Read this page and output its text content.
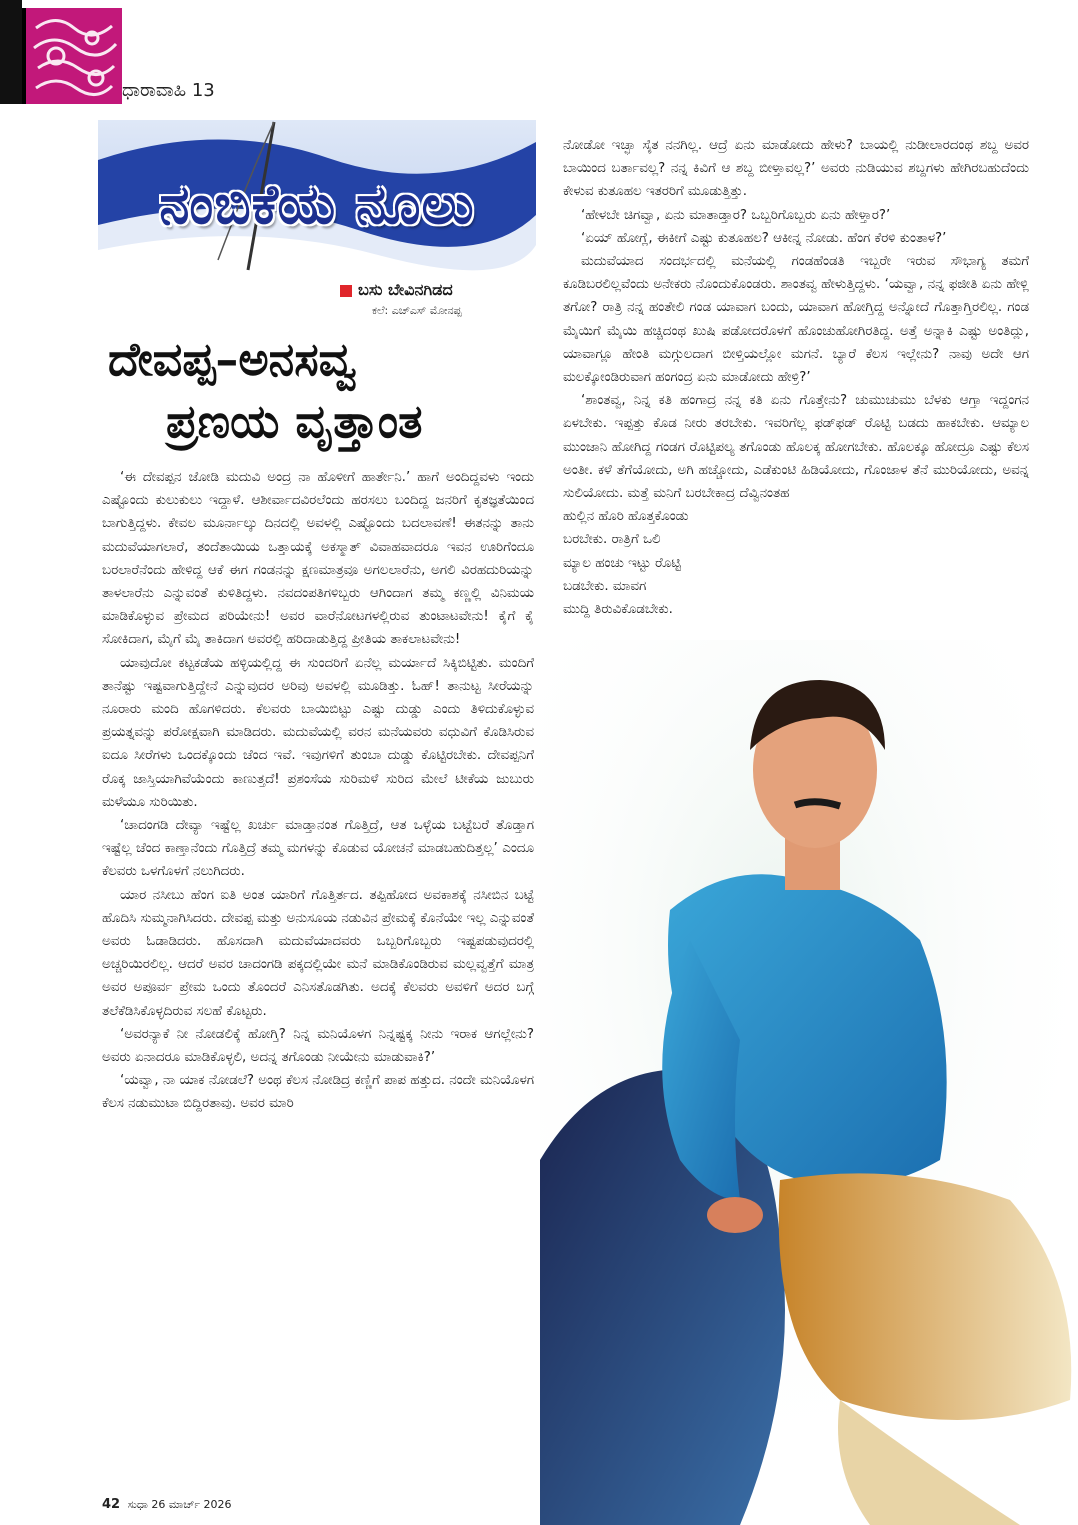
ಧಾರಾವಾಹಿ 13
ನಂಬಿಕೆಯ ನೂಲು
ಬಸು ಬೇವಿನಗಿಡದ
ಕಲೆ: ಎಚ್‌ಎಸ್ ಮೋನಪ್ಪ
ದೇವಪ್ಪ–ಅನಸವ್ವ
ಪ್ರಣಯ ವೃತ್ತಾಂತ

‘ಈ ದೇವಪ್ಪನ ಜೋಡಿ ಮದುವಿ ಅಂದ್ರ ನಾ ಹೊಳೀಗೆ ಹಾರ್ತೇನಿ.’ ಹಾಗೆ ಅಂದಿದ್ದವಳು ಇಂದು ಎಷ್ಟೊಂದು ಕುಲುಕುಲು ಇದ್ದಾಳೆ. ಆಶೀರ್ವಾದವಿರಲೆಂದು ಹರಸಲು ಬಂದಿದ್ದ ಜನರಿಗೆ ಕೃತಜ್ಞತೆಯಿಂದ ಬಾಗುತ್ತಿದ್ದಳು. ಕೇವಲ ಮೂರ್ನಾಲ್ಕು ದಿನದಲ್ಲಿ ಅವಳಲ್ಲಿ ಎಷ್ಟೊಂದು ಬದಲಾವಣೆ! ಈತನನ್ನು ತಾನು ಮದುವೆಯಾಗಲಾರೆ, ತಂದೆತಾಯಿಯ ಒತ್ತಾಯಕ್ಕೆ ಅಕಸ್ಮಾತ್ ವಿವಾಹವಾದರೂ ಇವನ ಊರಿಗೆಂದೂ ಬರಲಾರೆನೆಂದು ಹೇಳಿದ್ದ ಆಕೆ ಈಗ ಗಂಡನನ್ನು ಕ್ಷಣಮಾತ್ರವೂ ಅಗಲಲಾರೆನು, ಅಗಲಿ ವಿರಹದುರಿಯನ್ನು ತಾಳಲಾರೆನು ಎನ್ನುವಂತೆ ಕುಳಿತಿದ್ದಳು. ನವದಂಪತಿಗಳಿಬ್ಬರು ಆಗಿಂದಾಗ ತಮ್ಮ ಕಣ್ಣಲ್ಲಿ ವಿನಿಮಯ ಮಾಡಿಕೊಳ್ಳುವ ಪ್ರೇಮದ ಪರಿಯೇನು! ಅವರ ವಾರೆನೋಟಗಳಲ್ಲಿರುವ ತುಂಟಾಟವೇನು! ಕೈಗೆ ಕೈ ಸೋಕಿದಾಗ, ಮೈಗೆ ಮೈ ತಾಕಿದಾಗ ಅವರಲ್ಲಿ ಹರಿದಾಡುತ್ತಿದ್ದ ಪ್ರೀತಿಯ ತಾಕಲಾಟವೇನು!

ಯಾವುದೋ ಕಟ್ಟಕಡೆಯ ಹಳ್ಳಿಯಲ್ಲಿದ್ದ ಈ ಸುಂದರಿಗೆ ಏನೆಲ್ಲ ಮರ್ಯಾದೆ ಸಿಕ್ಕಿಬಿಟ್ಟಿತು. ಮಂದಿಗೆ ತಾನೆಷ್ಟು ಇಷ್ಟವಾಗುತ್ತಿದ್ದೇನೆ ಎನ್ನುವುದರ ಅರಿವು ಅವಳಲ್ಲಿ ಮೂಡಿತ್ತು. ಓಹ್! ತಾನುಟ್ಟ ಸೀರೆಯನ್ನು ನೂರಾರು ಮಂದಿ ಹೊಗಳಿದರು. ಕೆಲವರು ಬಾಯಿಬಿಟ್ಟು ಎಷ್ಟು ದುಡ್ಡು ಎಂದು ತಿಳಿದುಕೊಳ್ಳುವ ಪ್ರಯತ್ನವನ್ನು ಪರೋಕ್ಷವಾಗಿ ಮಾಡಿದರು. ಮದುವೆಯಲ್ಲಿ ವರನ ಮನೆಯವರು ವಧುವಿಗೆ ಕೊಡಿಸಿರುವ ಐದೂ ಸೀರೆಗಳು ಒಂದಕ್ಕೊಂದು ಚೆಂದ ಇವೆ. ಇವುಗಳಿಗೆ ತುಂಬಾ ದುಡ್ಡು ಕೊಟ್ಟಿರಬೇಕು. ದೇವಪ್ಪನಿಗೆ ರೊಕ್ಕ ಜಾಸ್ತಿಯಾಗಿವೆಯೆಂದು ಕಾಣುತ್ತದೆ! ಪ್ರಶಂಸೆಯ ಸುರಿಮಳೆ ಸುರಿದ ಮೇಲೆ ಟೀಕೆಯ ಜುಬುರು ಮಳೆಯೂ ಸುರಿಯಿತು.

‘ಚಾದಂಗಡಿ ದೇವ್ಯಾ ಇಷ್ಟೆಲ್ಲ ಖರ್ಚು ಮಾಡ್ತಾನಂತ ಗೊತ್ತಿದ್ರೆ, ಆತ ಒಳ್ಳೆಯ ಬಟ್ಟೆಬರೆ ತೊಡ್ತಾಗ ಇಷ್ಟೆಲ್ಲ ಚೆಂದ ಕಾಣ್ತಾನೆಂದು ಗೊತ್ತಿದ್ರೆ ತಮ್ಮ ಮಗಳನ್ನು ಕೊಡುವ ಯೋಚನೆ ಮಾಡಬಹುದಿತ್ತಲ್ಲ’ ಎಂದೂ ಕೆಲವರು ಒಳಗೊಳಗೆ ನಲುಗಿದರು.

ಯಾರ ನಸೀಬು ಹೆಂಗ ಐತಿ ಅಂತ ಯಾರಿಗೆ ಗೊತ್ತಿರ್ತದ. ತಪ್ಪಿಹೋದ ಅವಕಾಶಕ್ಕೆ ನಸೀಬಿನ ಬಟ್ಟೆ ಹೊದಿಸಿ ಸುಮ್ಮನಾಗಿಸಿದರು. ದೇವಪ್ಪ ಮತ್ತು ಅನುಸೂಯ ನಡುವಿನ ಪ್ರೇಮಕ್ಕೆ ಕೊನೆಯೇ ಇಲ್ಲ ಎನ್ನುವಂತೆ ಅವರು ಓಡಾಡಿದರು. ಹೊಸದಾಗಿ ಮದುವೆಯಾದವರು ಒಬ್ಬರಿಗೊಬ್ಬರು ಇಷ್ಟಪಡುವುದರಲ್ಲಿ ಅಚ್ಚರಿಯಿರಲಿಲ್ಲ. ಆದರೆ ಅವರ ಚಾದಂಗಡಿ ಪಕ್ಕದಲ್ಲಿಯೇ ಮನೆ ಮಾಡಿಕೊಂಡಿರುವ ಮಲ್ಲವ್ವತ್ತೆಗೆ ಮಾತ್ರ ಅವರ ಅಪೂರ್ವ ಪ್ರೇಮ ಒಂದು ತೊಂದರೆ ಎನಿಸತೊಡಗಿತು. ಅದಕ್ಕೆ ಕೆಲವರು ಅವಳಿಗೆ ಅದರ ಬಗ್ಗೆ ತಲೆಕೆಡಿಸಿಕೊಳ್ಳದಿರುವ ಸಲಹೆ ಕೊಟ್ಟರು.

‘ಅವರನ್ಯಾಕೆ ನೀ ನೋಡಲಿಕ್ಕೆ ಹೋಗ್ತಿ? ನಿನ್ನ ಮನಿಯೊಳಗ ನಿನ್ನಷ್ಟಕ್ಕ ನೀನು ಇರಾಕ ಆಗಲ್ಲೇನು? ಅವರು ಏನಾದರೂ ಮಾಡಿಕೊಳ್ಳಲಿ, ಅದನ್ನ ತಗೊಂಡು ನೀಯೇನು ಮಾಡುವಾಕಿ?’

‘ಯವ್ವಾ, ನಾ ಯಾಕ ನೋಡಲೆ? ಅಂಥ ಕೆಲಸ ನೋಡಿದ್ರ ಕಣ್ಣಿಗೆ ಪಾಪ ಹತ್ತುದ. ನಂದೇ ಮನಿಯೊಳಗ ಕೆಲಸ ನಡುಮುಟಾ ಬಿದ್ದಿರತಾವು. ಅವರ ಮಾರಿ

ನೋಡೋ ಇಚ್ಛಾ ಸೈತ ನನಗಿಲ್ಲ. ಆದ್ರೆ ಏನು ಮಾಡೋದು ಹೇಳು? ಬಾಯಲ್ಲಿ ನುಡೀಲಾರದಂಥ ಶಬ್ದ ಅವರ ಬಾಯಿಂದ ಬರ್ತಾವಲ್ಲ? ನನ್ನ ಕಿವಿಗೆ ಆ ಶಬ್ದ ಬೀಳ್ತಾವಲ್ಲ?’ ಅವರು ನುಡಿಯುವ ಶಬ್ದಗಳು ಹೇಗಿರಬಹುದೆಂದು ಕೇಳುವ ಕುತೂಹಲ ಇತರರಿಗೆ ಮೂಡುತ್ತಿತ್ತು.

‘ಹೇಳಬೇ ಚಿಗವ್ವಾ, ಏನು ಮಾತಾಡ್ತಾರ? ಒಬ್ಬರಿಗೊಬ್ಬರು ಏನು ಹೇಳ್ತಾರ?’

‘ಏಯ್ ಹೋಗ್ಲೆ, ಈಕೀಗೆ ಎಷ್ಟು ಕುತೂಹಲ? ಆಕೀನ್ನ ನೋಡು. ಹೆಂಗ ಕೆರಳಿ ಕುಂತಾಳ?’

ಮದುವೆಯಾದ ಸಂದರ್ಭದಲ್ಲಿ ಮನೆಯಲ್ಲಿ ಗಂಡಹೆಂಡತಿ ಇಬ್ಬರೇ ಇರುವ ಸೌಭಾಗ್ಯ ತಮಗೆ ಕೂಡಿಬರಲಿಲ್ಲವೆಂದು ಅನೇಕರು ನೊಂದುಕೊಂಡರು. ಶಾಂತವ್ವ ಹೇಳುತ್ತಿದ್ದಳು. ‘ಯವ್ವಾ, ನನ್ನ ಫಜೀತಿ ಏನು ಹೇಳ್ಲಿ ತಗೋ? ರಾತ್ರಿ ನನ್ನ ಹಂತೇಲಿ ಗಂಡ ಯಾವಾಗ ಬಂದು, ಯಾವಾಗ ಹೋಗ್ತಿದ್ದ ಅನ್ನೋದೆ ಗೊತ್ತಾಗ್ತಿರಲಿಲ್ಲ. ಗಂಡ ಮೈಯಿಗೆ ಮೈಯಿ ಹಚ್ಚಿದಂಥ ಖುಷಿ ಪಡೋದರೊಳಗೆ ಹೊಂಚುಹೋಗಿರತಿದ್ದ. ಅತ್ತೆ ಅನ್ನಾಕಿ ಎಷ್ಟು ಅಂತಿದ್ಲು, ಯಾವಾಗ್ಲೂ ಹೇಂತಿ ಮಗ್ಗುಲದಾಗ ಬೀಳ್ತಿಯಲ್ಲೋ ಮಗನೆ. ಬ್ಯಾರೆ ಕೆಲಸ ಇಲ್ಲೇನು? ನಾವು ಅದೇ ಆಗ ಮಲಕ್ಕೋಂಡಿರುವಾಗ ಹಂಗಂದ್ರ ಏನು ಮಾಡೋದು ಹೇಳ್ರಿ?’

‘ಶಾಂತವ್ವ, ನಿನ್ನ ಕತಿ ಹಂಗಾದ್ರ ನನ್ನ ಕತಿ ಏನು ಗೊತ್ತೇನು? ಚುಮುಚುಮು ಬೆಳಕು ಆಗ್ತಾ ಇದ್ದಂಗನ ಏಳಬೇಕು. ಇಪ್ಪತ್ತು ಕೊಡ ನೀರು ತರಬೇಕು. ಇವರಿಗೆಲ್ಲ ಫಡ್‌ಫಡ್ ರೊಟ್ಟಿ ಬಡದು ಹಾಕಬೇಕು. ಆಮ್ಯಾಲ ಮುಂಜಾನಿ ಹೋಗಿದ್ದ ಗಂಡಗ ರೊಟ್ಟಿಪಲ್ಯ ತಗೊಂಡು ಹೊಲಕ್ಕ ಹೋಗಬೇಕು. ಹೊಲಕ್ಕೂ ಹೋದ್ರೂ ಎಷ್ಟು ಕೆಲಸ ಅಂತೀ. ಕಳೆ ತೆಗೆಯೋದು, ಅಗಿ ಹಚ್ಚೋದು, ಎಡೆಕುಂಟಿ ಹಿಡಿಯೋದು, ಗೊಂಜಾಳ ತೆನೆ ಮುರಿಯೋದು, ಅವನ್ನ ಸುಲಿಯೋದು. ಮತ್ತೆ ಮನಿಗೆ ಬರಬೇಕಾದ್ರ ದೆವ್ವಿನಂತಹ

ಹುಲ್ಲಿನ ಹೊರಿ ಹೊತ್ತಕೊಂಡು
ಬರಬೇಕು. ರಾತ್ರಿಗೆ ಒಲಿ
ಮ್ಯಾಲ ಹಂಚು ಇಟ್ಟು ರೊಟ್ಟಿ
ಬಡಬೇಕು. ಮಾವಗ
ಮುದ್ದಿ ತಿರುವಿಕೊಡಬೇಕು.
42 ಸುಧಾ 26 ಮಾರ್ಚ್ 2026
